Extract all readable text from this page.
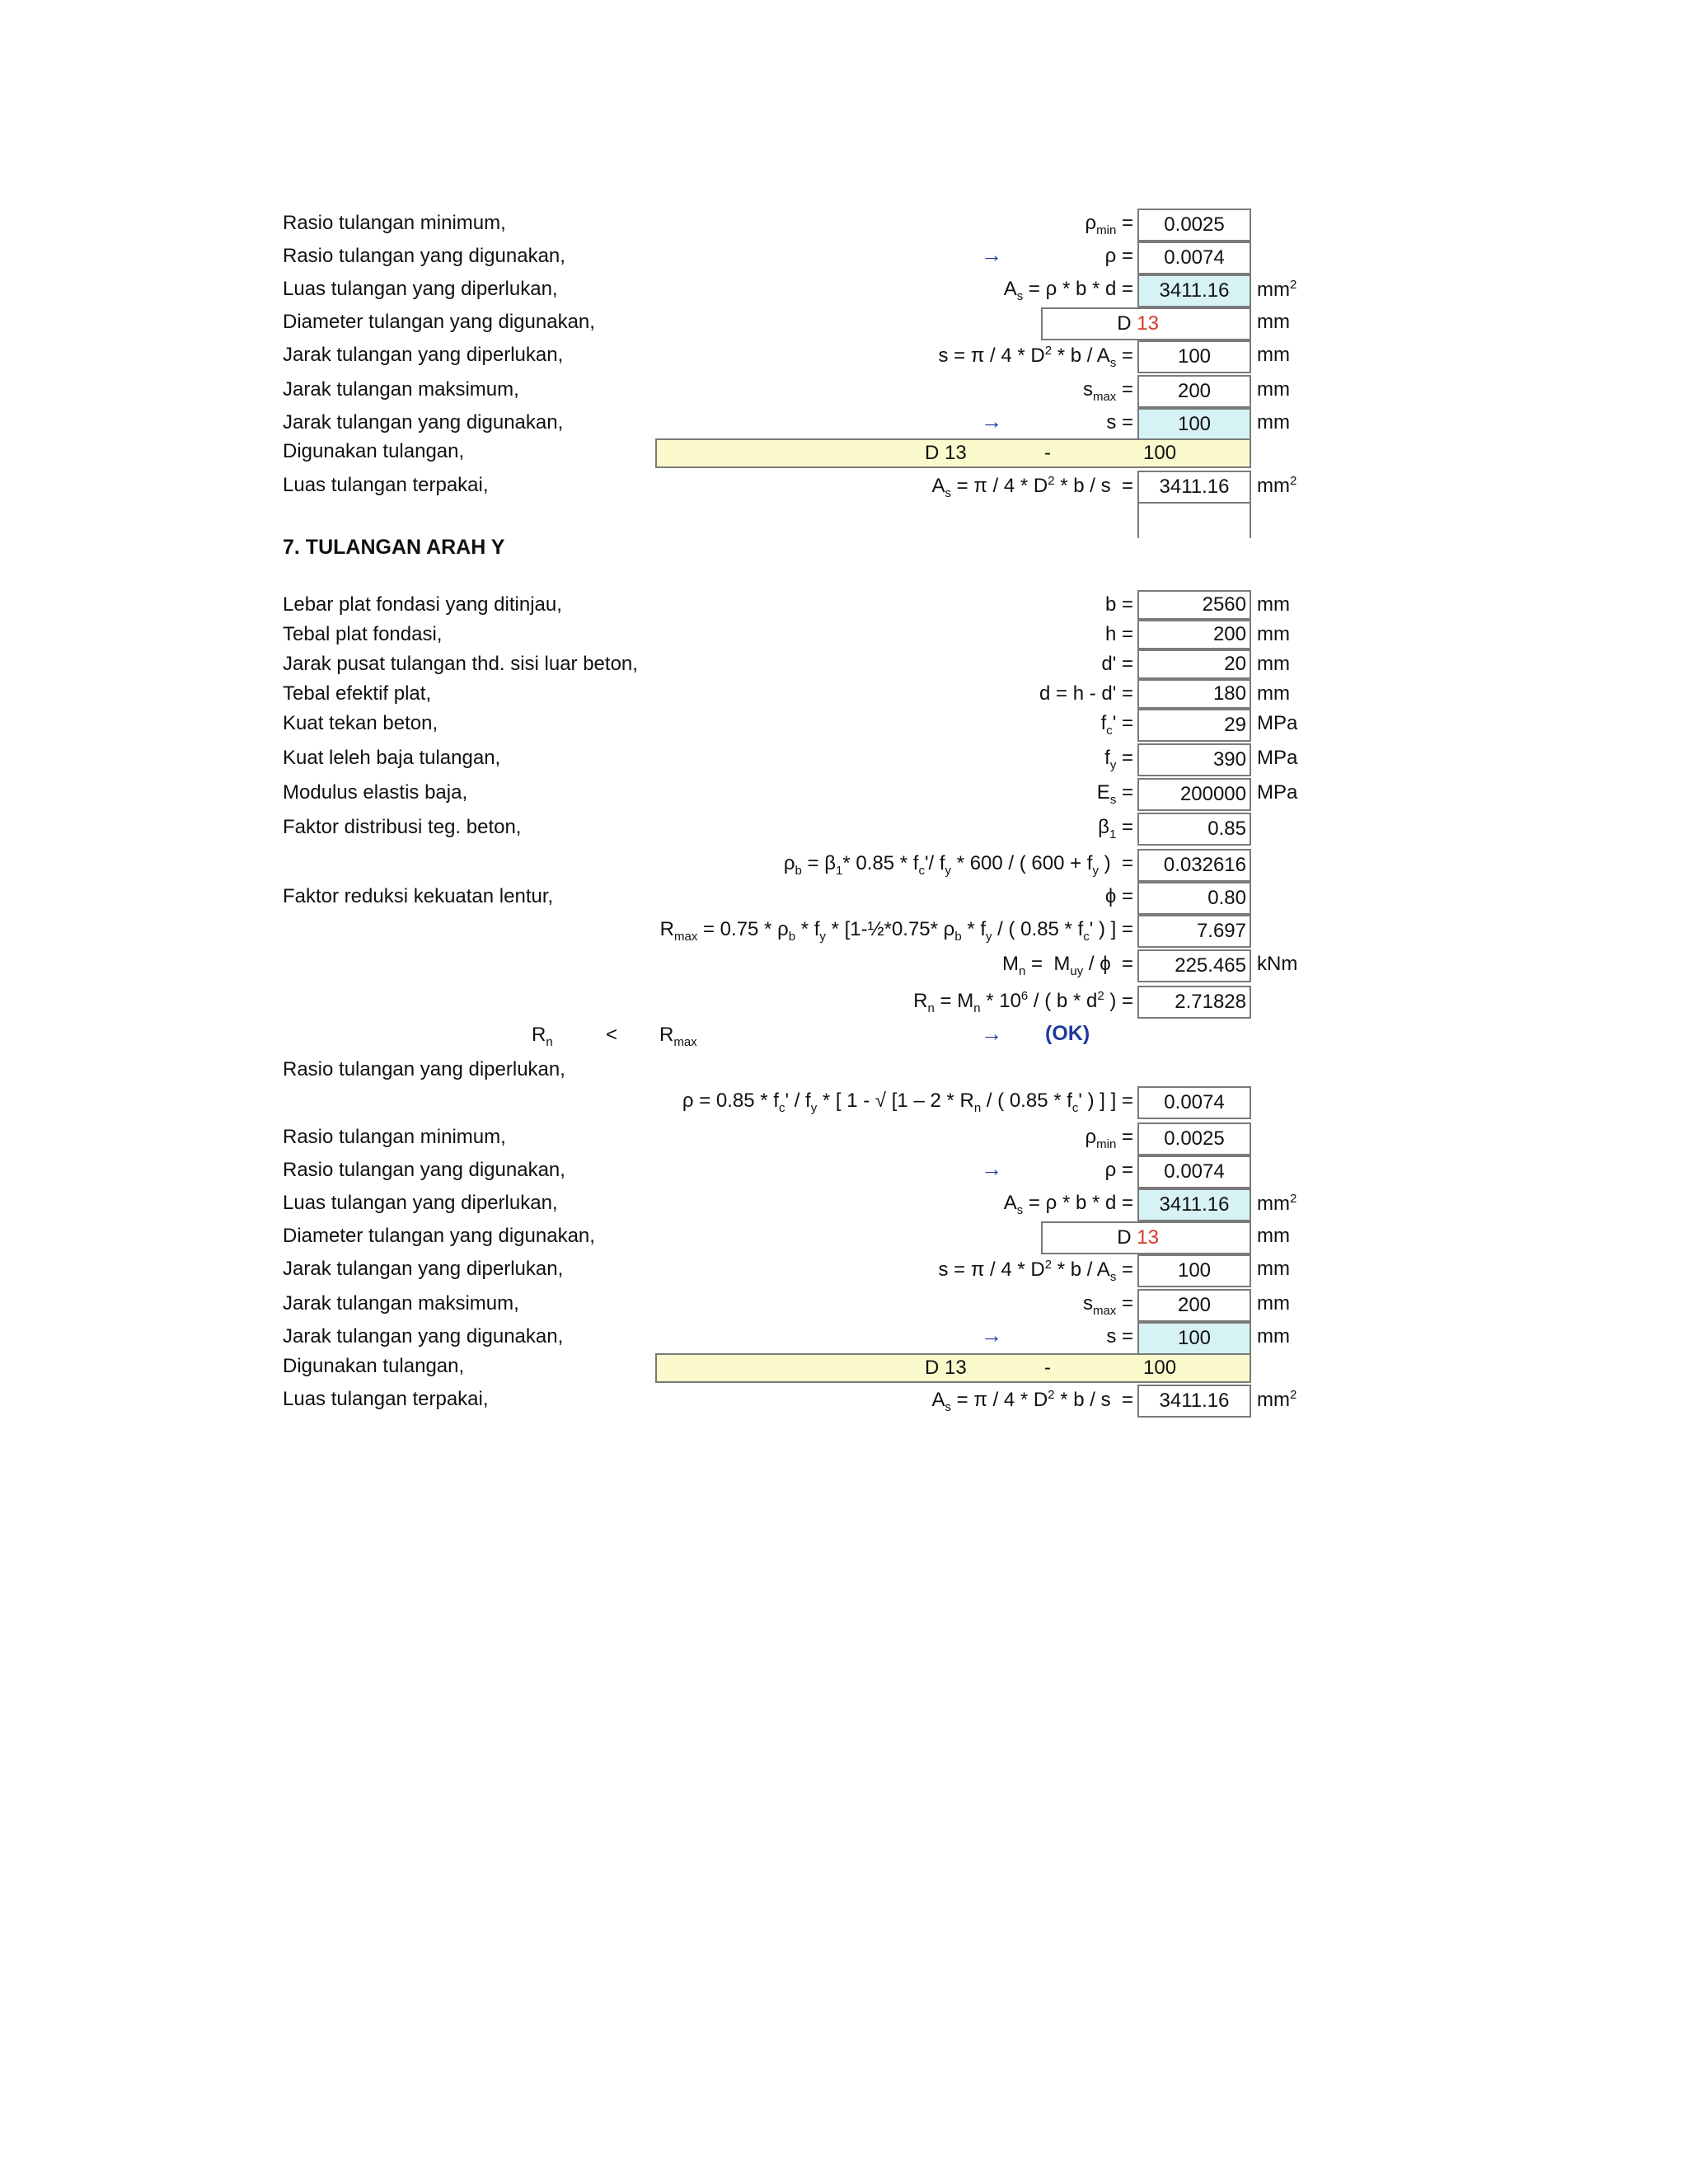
Rasio tulangan minimum,	$\rho_{min}$ =	0.0025
Rasio tulangan yang digunakan,	→	ρ =	0.0074
Luas tulangan yang diperlukan,	$A_s = \rho * b * d$ =	3411.16	$mm^2$
Diameter tulangan yang digunakan,	D 13	mm
Jarak tulangan yang diperlukan,	$s = \pi / 4 * D^2 * b / A_s$ =	100	mm
Jarak tulangan maksimum,	$s_{max}$ =	200	mm
Jarak tulangan yang digunakan,	→	s =	100	mm
Digunakan tulangan,	D 13	-	100
Luas tulangan terpakai,	$A_s = \pi / 4 * D^2 * b / s$  =	3411.16	$mm^2$
7. TULANGAN ARAH Y
Lebar plat fondasi yang ditinjau,	b =	2560 mm
Tebal plat fondasi,	h =	200 mm
Jarak pusat tulangan thd. sisi luar beton,	d' =	20 mm
Tebal efektif plat,	d = h - d' =	180 mm
Kuat tekan beton,	$f_c'$ =	29 MPa
Kuat leleh baja tulangan,	$f_y$ =	390 MPa
Modulus elastis baja,	$E_s$ =	200000 MPa
Faktor distribusi teg. beton,	$\beta_1$ =	0.85
$\rho_b = \beta_1*$ $0.85 * f_c'/$ $f_y * 600$ / ( $600 + f_y$ )  =	0.032616
Faktor reduksi kekuatan lentur,	ϕ =	0.80
$R_{max} = 0.75 * \rho_b * f_y$ * [1-½*0.75* $\rho_b * f_y$ / ( $0.85 * f_c'$ ) ] =	7.697
$M_n = M_{uy} / \phi$  =	225.465 kNm
$R_n = M_n * 10^6$ / ( b * $d^2$ ) =	2.71828
$R_n$	< $R_{max}$	→ (OK)
Rasio tulangan yang diperlukan,
$\rho = 0.85 * f_c' / f_y$ * [ 1 - √ [$1 - 2 * R_n$ / ( $0.85 * f_c'$ ) ] ] =	0.0074
Rasio tulangan minimum,	$\rho_{min}$ =	0.0025
Rasio tulangan yang digunakan,	→	ρ =	0.0074
Luas tulangan yang diperlukan,	$A_s = \rho * b * d$ =	3411.16	$mm^2$
Diameter tulangan yang digunakan,	D 13	mm
Jarak tulangan yang diperlukan,	$s = \pi / 4 * D^2 * b / A_s$ =	100	mm
Jarak tulangan maksimum,	$s_{max}$ =	200	mm
Jarak tulangan yang digunakan,	→	s =	100	mm
Digunakan tulangan,	D 13	-	100
Luas tulangan terpakai,	$A_s = \pi / 4 * D^2 * b / s$  =	3411.16	$mm^2$
